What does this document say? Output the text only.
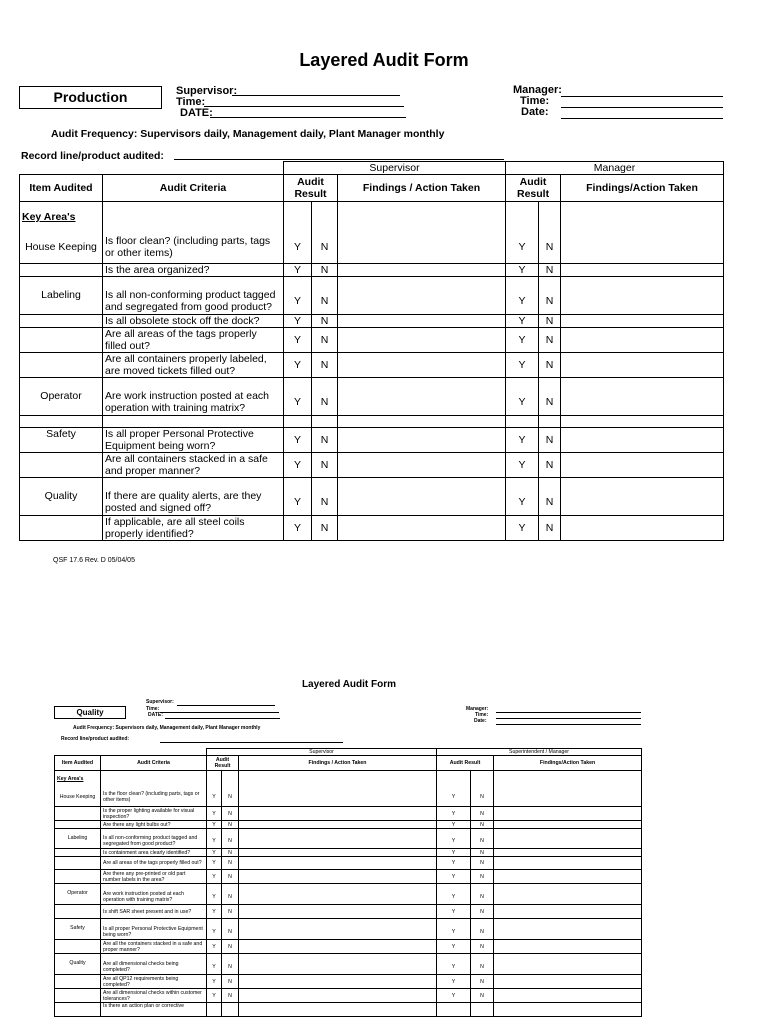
Layered Audit Form
Production	Supervisor:
Time:
DATE:
Manager:
Time:
Date:
Audit Frequency: Supervisors daily, Management daily, Plant Manager monthly
Record line/product audited:
		Supervisor			Manager		
Item Audited	Audit Criteria	Audit Result		Findings / Action Taken	Audit Result		Findings/Action Taken
Key Area's							
House Keeping	Is floor clean? (including parts, tags or other items)	Y	N		Y	N	
	Is the area organized?	Y	N		Y	N	

Labeling	Is all non-conforming product tagged and segregated from good product?	Y	N		Y	N	
	Is all obsolete stock off the dock?	Y	N		Y	N	
	Are all areas of the tags properly filled out?	Y	N		Y	N	
	Are all containers properly labeled, are moved tickets filled out?	Y	N		Y	N	

Operator	Are work instruction posted at each operation with training matrix?	Y	N		Y	N	

Safety	Is all proper Personal Protective Equipment being worn?	Y	N		Y	N	
	Are all containers stacked in a safe and proper manner?	Y	N		Y	N	

Quality	If there are quality alerts, are they posted and signed off?	Y	N		Y	N	
	If applicable, are all steel coils properly identified?	Y	N		Y	N	
QSF 17.6 Rev. D 05/04/05
Layered Audit Form
Quality
Supervisor:
Time:
DATE:
Manager:
Time:
Date:
Audit Frequency: Supervisors daily, Management daily, Plant Manager monthly
Record line/product audited:
		Supervisor			Superintendent / Manager		
Item Audited	Audit Criteria	Audit Result		Findings / Action Taken	Audit Result		Findings/Action Taken
Key Area's							
House Keeping	Is the floor clean? (including parts, tags or other items)	Y	N		Y	N	
	Is the proper lighting available for visual inspection?	Y	N		Y	N	
	Are there any light bulbs out?	Y	N		Y	N	

Labeling	Is all non-conforming product tagged and segregated from good product?	Y	N		Y	N	
	Is containment area clearly identified?	Y	N		Y	N	
	Are all areas of the tags properly filled out?	Y	N		Y	N	
	Are there any pre-printed or old part number labels in the area?	Y	N		Y	N	

Operator	Are work instruction posted at each operation with training matrix?	Y	N		Y	N	
	Is shift SAR sheet present and in use?	Y	N		Y	N	

Safety	Is all proper Personal Protective Equipment being worn?	Y	N		Y	N	
	Are all the containers stacked in a safe and proper manner?	Y	N		Y	N	

Quality	Are all dimensional checks being completed?	Y	N		Y	N	
	Are all QP12 requirements being completed?	Y	N		Y	N	
	Are all dimensional checks within customer tolerances?	Y	N		Y	N	
	Is there an action plan or corrective						
